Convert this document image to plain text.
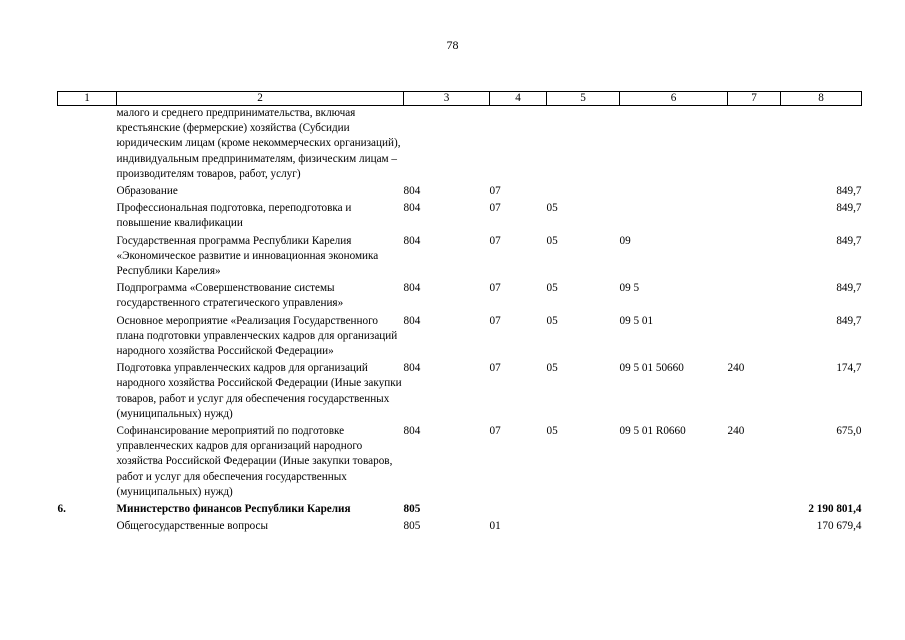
78
1	2	3	4	5	6	7	8
	малого и среднего предпринимательства, включая крестьянские (фермерские) хозяйства (Субсидии юридическим лицам (кроме некоммерческих организаций), индивидуальным предпринимателям, физическим лицам – производителям товаров, работ, услуг)						
	Образование	804	07				849,7
	Профессиональная подготовка, переподготовка и повышение квалификации	804	07	05			849,7
	Государственная программа Республики Карелия «Экономическое развитие и инновационная экономика Республики Карелия»	804	07	05	09		849,7
	Подпрограмма «Совершенствование системы государственного стратегического управления»	804	07	05	09 5		849,7
	Основное мероприятие «Реализация Государственного плана подготовки управленческих кадров для организаций народного хозяйства Российской Федерации»	804	07	05	09 5 01		849,7
	Подготовка управленческих кадров для организаций народного хозяйства Российской Федерации (Иные закупки товаров, работ и услуг для обеспечения государственных (муниципальных) нужд)	804	07	05	09 5 01 50660	240	174,7
	Софинансирование мероприятий по подготовке управленческих кадров для организаций народного хозяйства Российской Федерации (Иные закупки товаров, работ и услуг для обеспечения государственных (муниципальных) нужд)	804	07	05	09 5 01 R0660	240	675,0
6.	Министерство финансов Республики Карелия	805					2 190 801,4
	Общегосударственные вопросы	805	01				170 679,4
